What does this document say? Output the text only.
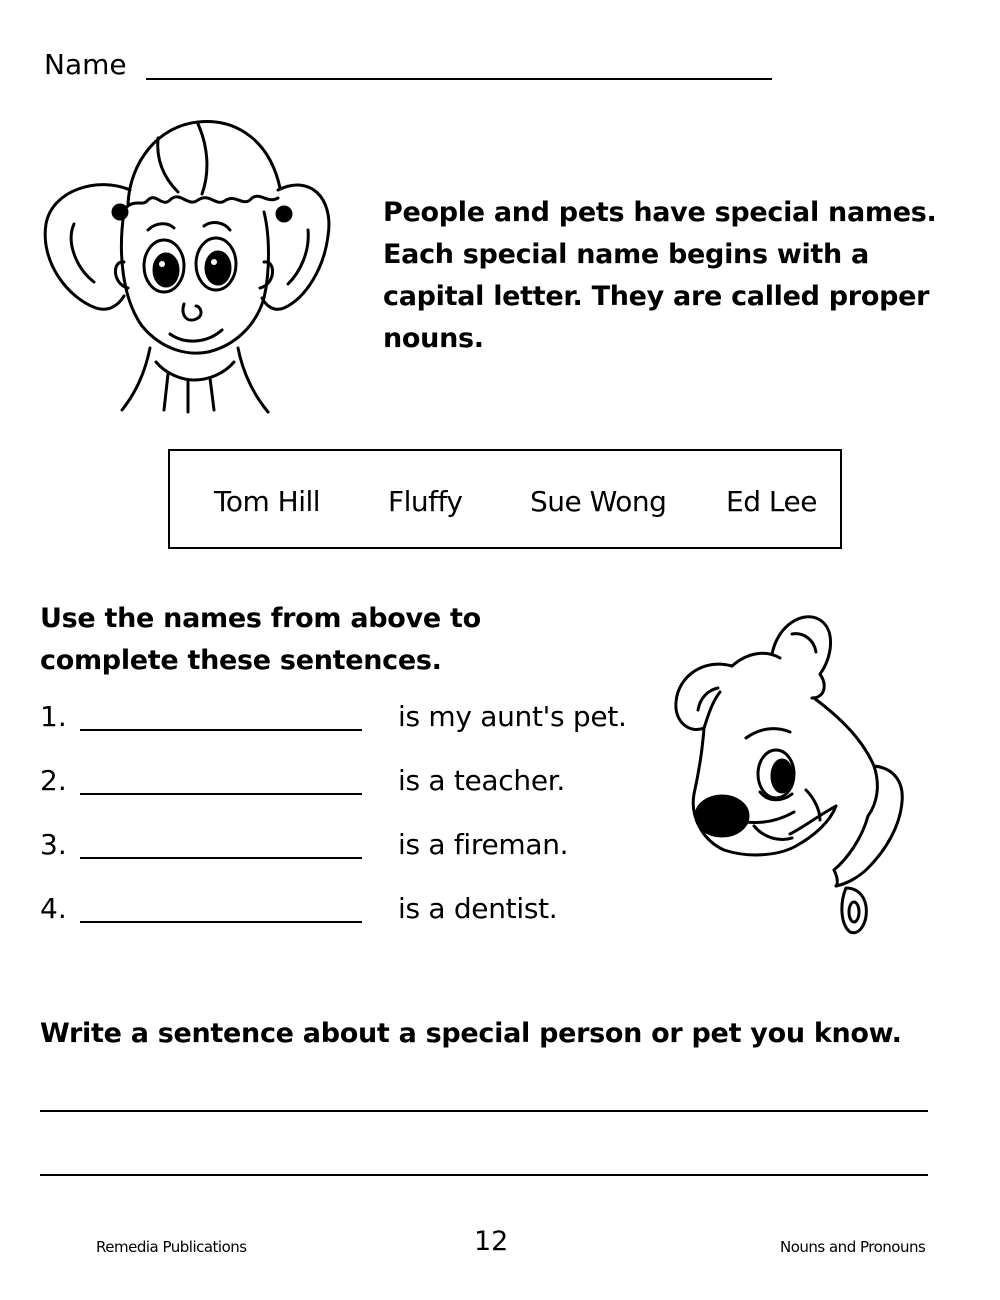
Name
People and pets have special names.
Each special name begins with a
capital letter. They are called proper
nouns.
Tom Hill Fluffy Sue Wong Ed Lee
Use the names from above to
complete these sentences.
1.	is my aunt's pet.
2.	is a teacher.
3.	is a fireman.
4.	is a dentist.
Write a sentence about a special person or pet you know.
Remedia Publications	12	Nouns and Pronouns
